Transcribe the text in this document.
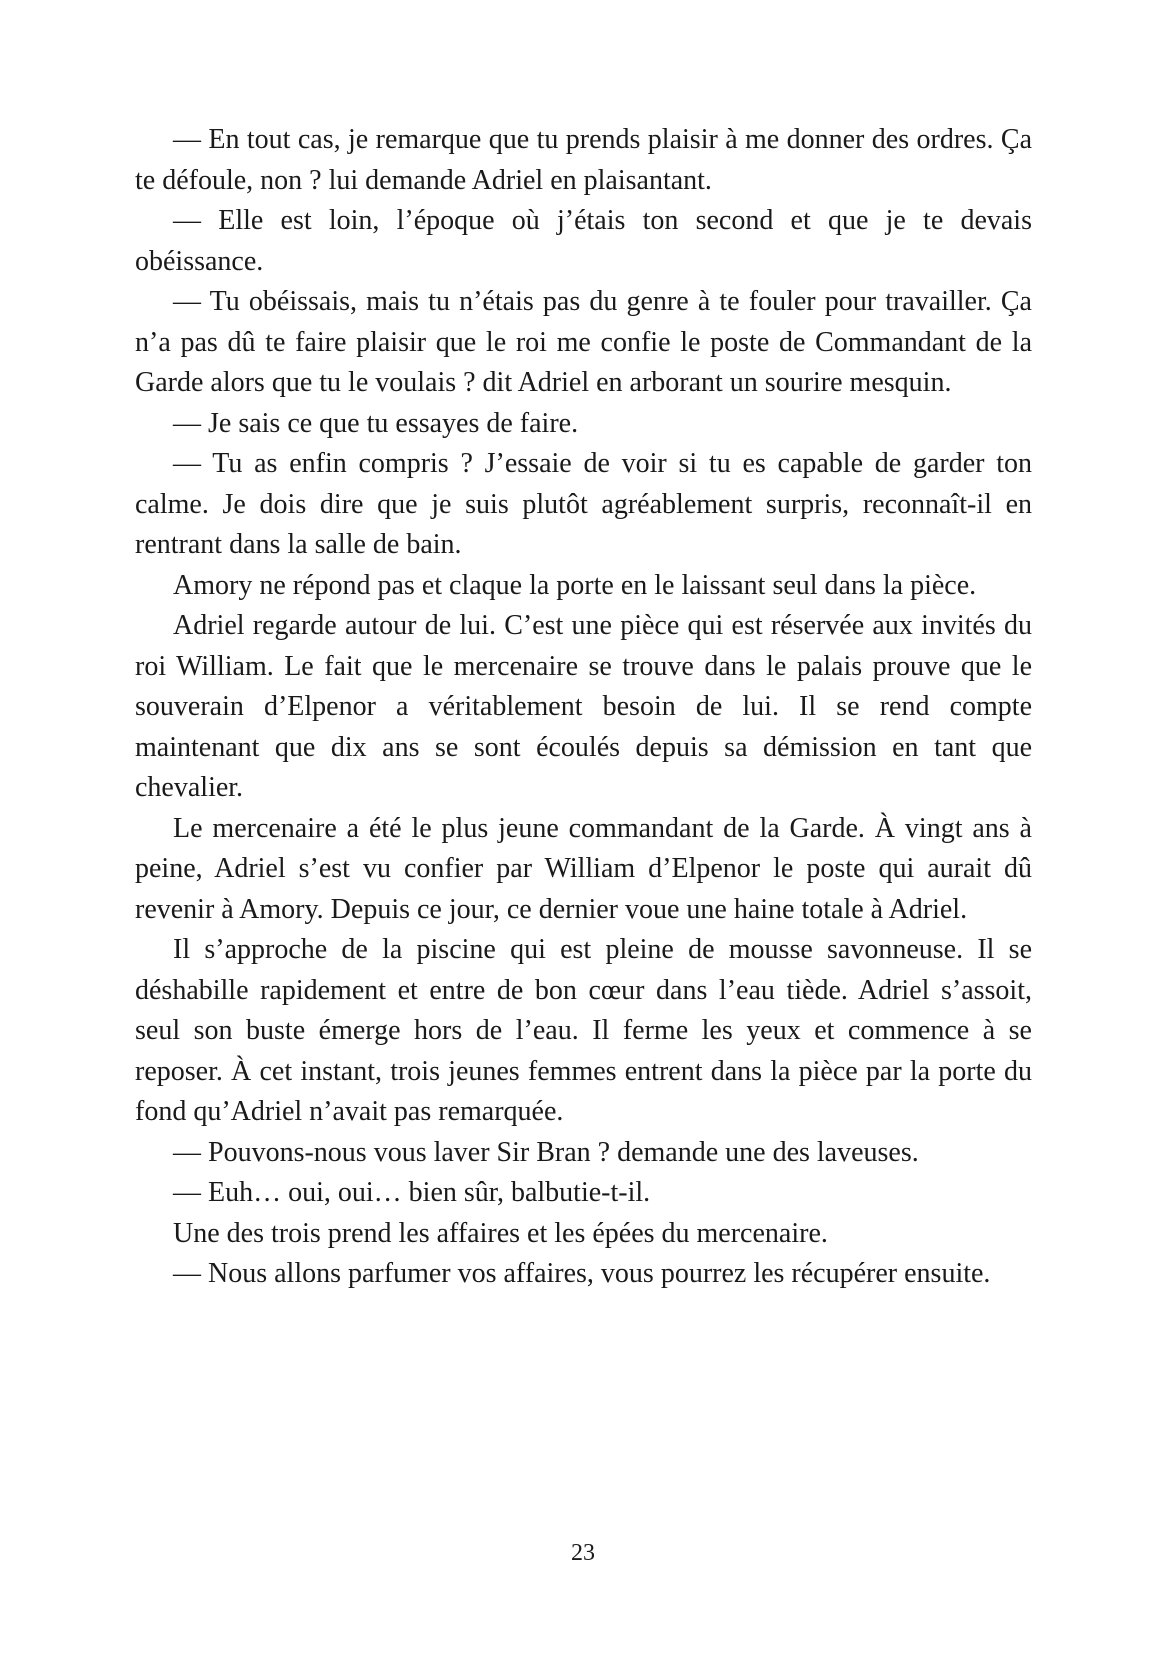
— En tout cas, je remarque que tu prends plaisir à me donner des ordres. Ça te défoule, non ? lui demande Adriel en plaisantant.

— Elle est loin, l’époque où j’étais ton second et que je te devais obéissance.

— Tu obéissais, mais tu n’étais pas du genre à te fouler pour travailler. Ça n’a pas dû te faire plaisir que le roi me confie le poste de Commandant de la Garde alors que tu le voulais ? dit Adriel en arborant un sourire mesquin.

— Je sais ce que tu essayes de faire.

— Tu as enfin compris ? J’essaie de voir si tu es capable de garder ton calme. Je dois dire que je suis plutôt agréablement surpris, reconnaît-il en rentrant dans la salle de bain.

Amory ne répond pas et claque la porte en le laissant seul dans la pièce.

Adriel regarde autour de lui. C’est une pièce qui est réservée aux invités du roi William. Le fait que le mercenaire se trouve dans le palais prouve que le souverain d’Elpenor a véritablement besoin de lui. Il se rend compte maintenant que dix ans se sont écoulés depuis sa démission en tant que chevalier.

Le mercenaire a été le plus jeune commandant de la Garde. À vingt ans à peine, Adriel s’est vu confier par William d’Elpenor le poste qui aurait dû revenir à Amory. Depuis ce jour, ce dernier voue une haine totale à Adriel.

Il s’approche de la piscine qui est pleine de mousse savonneuse. Il se déshabille rapidement et entre de bon cœur dans l’eau tiède. Adriel s’assoit, seul son buste émerge hors de l’eau. Il ferme les yeux et commence à se reposer. À cet instant, trois jeunes femmes entrent dans la pièce par la porte du fond qu’Adriel n’avait pas remarquée.

— Pouvons-nous vous laver Sir Bran ? demande une des laveuses.

— Euh… oui, oui… bien sûr, balbutie-t-il.

Une des trois prend les affaires et les épées du mercenaire.

— Nous allons parfumer vos affaires, vous pourrez les récupérer ensuite.

23
